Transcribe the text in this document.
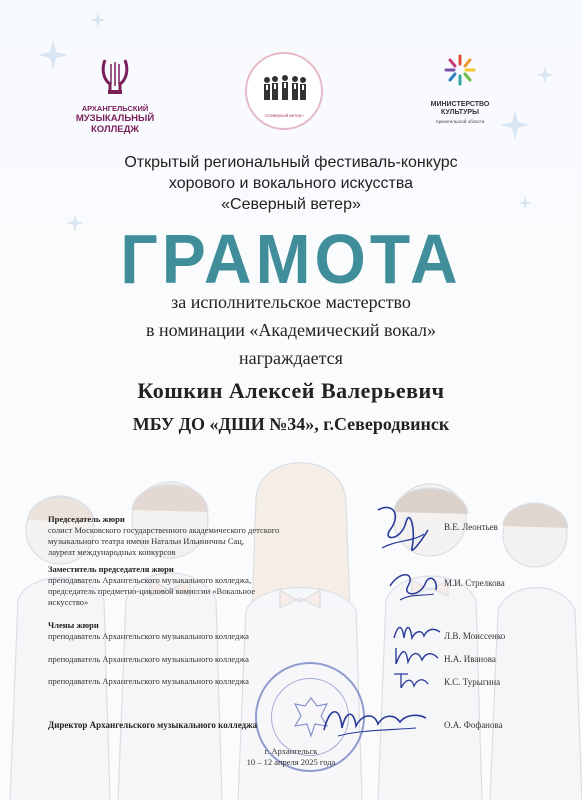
АРХАНГЕЛЬСКИЙ

МУЗЫКАЛЬНЫЙ
КОЛЛЕДЖ
«Северный ветер»
МИНИСТЕРСТВО
КУЛЬТУРЫ
Архангельской области
Открытый региональный фестиваль-конкурс
хорового и вокального искусства
«Северный ветер»
ГРАМОТА
за исполнительское мастерство
в номинации «Академический вокал»
награждается
Кошкин Алексей Валерьевич
МБУ ДО «ДШИ №34», г.Северодвинск
Председатель жюри
солист Московского государственного академического детского
музыкального театра имени Натальи Ильиничны Сац,
лауреат международных конкурсов
В.Е. Леонтьев
Заместитель председателя жюри
преподаватель Архангельского музыкального колледжа,
председатель предметно-цикловой комиссии «Вокальное
искусство»
М.И. Стрелкова
Члены жюри
преподаватель Архангельского музыкального колледжа	Л.В. Моиссенко
преподаватель Архангельского музыкального колледжа	Н.А. Иванова
преподаватель Архангельского музыкального колледжа	К.С. Турыгина
Директор Архангельского музыкального колледжа	О.А. Фофанова
г. Архангельск
10 – 12 апреля 2025 года
